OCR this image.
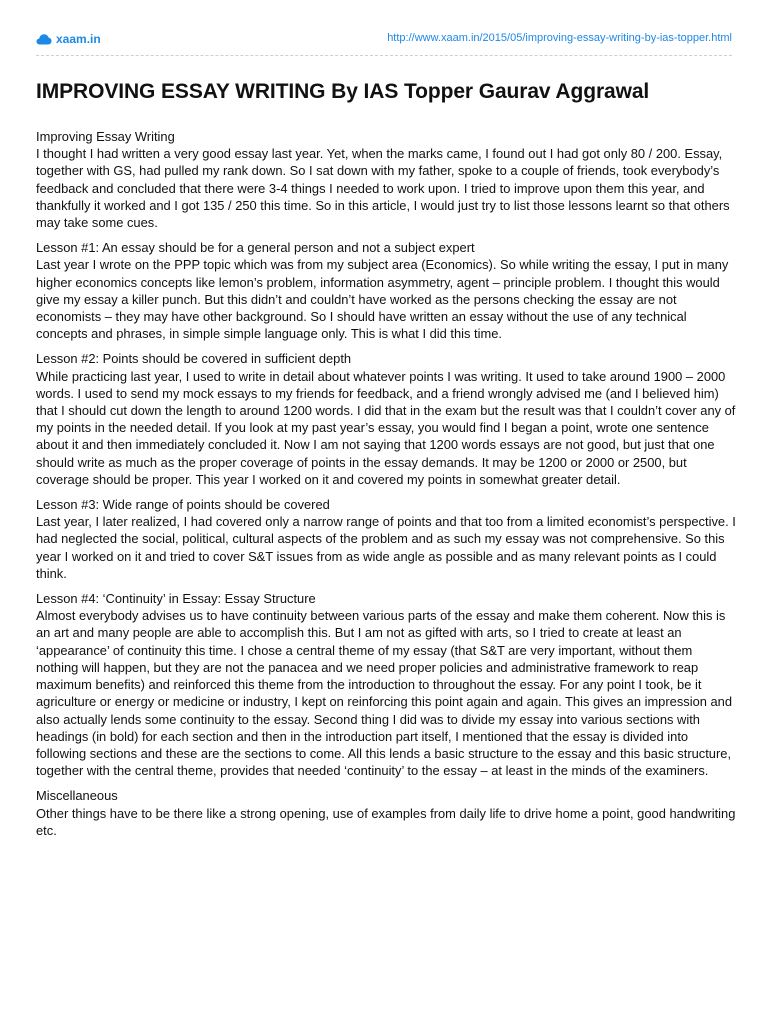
xaam.in	http://www.xaam.in/2015/05/improving-essay-writing-by-ias-topper.html
IMPROVING ESSAY WRITING By IAS Topper Gaurav Aggrawal
Improving Essay Writing
I thought I had written a very good essay last year. Yet, when the marks came, I found out I had got only 80 / 200. Essay, together with GS, had pulled my rank down. So I sat down with my father, spoke to a couple of friends, took everybody’s feedback and concluded that there were 3-4 things I needed to work upon. I tried to improve upon them this year, and thankfully it worked and I got 135 / 250 this time. So in this article, I would just try to list those lessons learnt so that others may take some cues.
Lesson #1: An essay should be for a general person and not a subject expert
Last year I wrote on the PPP topic which was from my subject area (Economics). So while writing the essay, I put in many higher economics concepts like lemon’s problem, information asymmetry, agent – principle problem. I thought this would give my essay a killer punch. But this didn’t and couldn’t have worked as the persons checking the essay are not economists – they may have other background. So I should have written an essay without the use of any technical concepts and phrases, in simple simple language only. This is what I did this time.
Lesson #2: Points should be covered in sufficient depth
While practicing last year, I used to write in detail about whatever points I was writing. It used to take around 1900 – 2000 words. I used to send my mock essays to my friends for feedback, and a friend wrongly advised me (and I believed him) that I should cut down the length to around 1200 words. I did that in the exam but the result was that I couldn’t cover any of my points in the needed detail. If you look at my past year’s essay, you would find I began a point, wrote one sentence about it and then immediately concluded it. Now I am not saying that 1200 words essays are not good, but just that one should write as much as the proper coverage of points in the essay demands. It may be 1200 or 2000 or 2500, but coverage should be proper. This year I worked on it and covered my points in somewhat greater detail.
Lesson #3: Wide range of points should be covered
Last year, I later realized, I had covered only a narrow range of points and that too from a limited economist’s perspective. I had neglected the social, political, cultural aspects of the problem and as such my essay was not comprehensive. So this year I worked on it and tried to cover S&T issues from as wide angle as possible and as many relevant points as I could think.
Lesson #4: ‘Continuity’ in Essay: Essay Structure
Almost everybody advises us to have continuity between various parts of the essay and make them coherent. Now this is an art and many people are able to accomplish this. But I am not as gifted with arts, so I tried to create at least an ‘appearance’ of continuity this time. I chose a central theme of my essay (that S&T are very important, without them nothing will happen, but they are not the panacea and we need proper policies and administrative framework to reap maximum benefits) and reinforced this theme from the introduction to throughout the essay. For any point I took, be it agriculture or energy or medicine or industry, I kept on reinforcing this point again and again. This gives an impression and also actually lends some continuity to the essay. Second thing I did was to divide my essay into various sections with headings (in bold) for each section and then in the introduction part itself, I mentioned that the essay is divided into following sections and these are the sections to come. All this lends a basic structure to the essay and this basic structure, together with the central theme, provides that needed ‘continuity’ to the essay – at least in the minds of the examiners.
Miscellaneous
Other things have to be there like a strong opening, use of examples from daily life to drive home a point, good handwriting etc.
